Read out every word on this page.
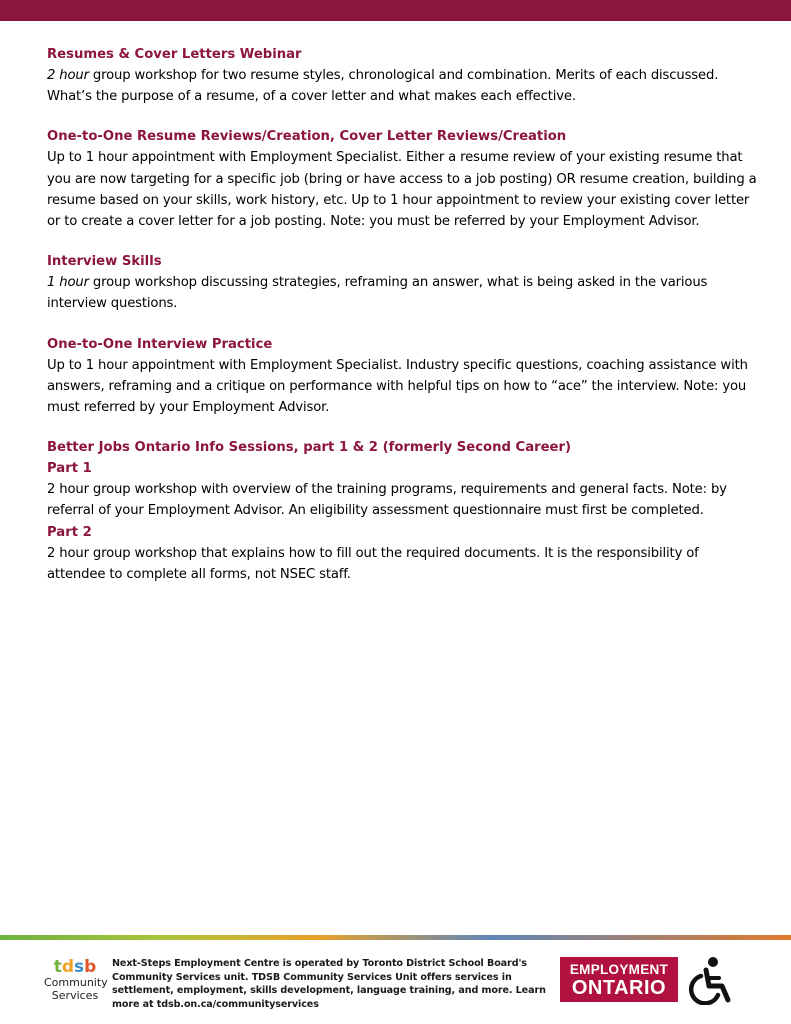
Resumes & Cover Letters Webinar

2 hour group workshop for two resume styles, chronological and combination. Merits of each discussed. What’s the purpose of a resume, of a cover letter and what makes each effective.

One-to-One Resume Reviews/Creation, Cover Letter Reviews/Creation

Up to 1 hour appointment with Employment Specialist. Either a resume review of your existing resume that you are now targeting for a specific job (bring or have access to a job posting) OR resume creation, building a resume based on your skills, work history, etc. Up to 1 hour appointment to review your existing cover letter or to create a cover letter for a job posting. Note: you must be referred by your Employment Advisor.

Interview Skills

1 hour group workshop discussing strategies, reframing an answer, what is being asked in the various interview questions.

One-to-One Interview Practice

Up to 1 hour appointment with Employment Specialist. Industry specific questions, coaching assistance with answers, reframing and a critique on performance with helpful tips on how to “ace” the interview. Note: you must referred by your Employment Advisor.

Better Jobs Ontario Info Sessions, part 1 & 2 (formerly Second Career)

Part 1

2 hour group workshop with overview of the training programs, requirements and general facts. Note: by referral of your Employment Advisor. An eligibility assessment questionnaire must first be completed.

Part 2

2 hour group workshop that explains how to fill out the required documents. It is the responsibility of attendee to complete all forms, not NSEC staff.

tdsb
Community
Services
Next-Steps Employment Centre is operated by Toronto District School Board's Community Services unit. TDSB Community Services Unit offers services in settlement, employment, skills development, language training, and more. Learn more at tdsb.on.ca/communityservices
EMPLOYMENT
ONTARIO
